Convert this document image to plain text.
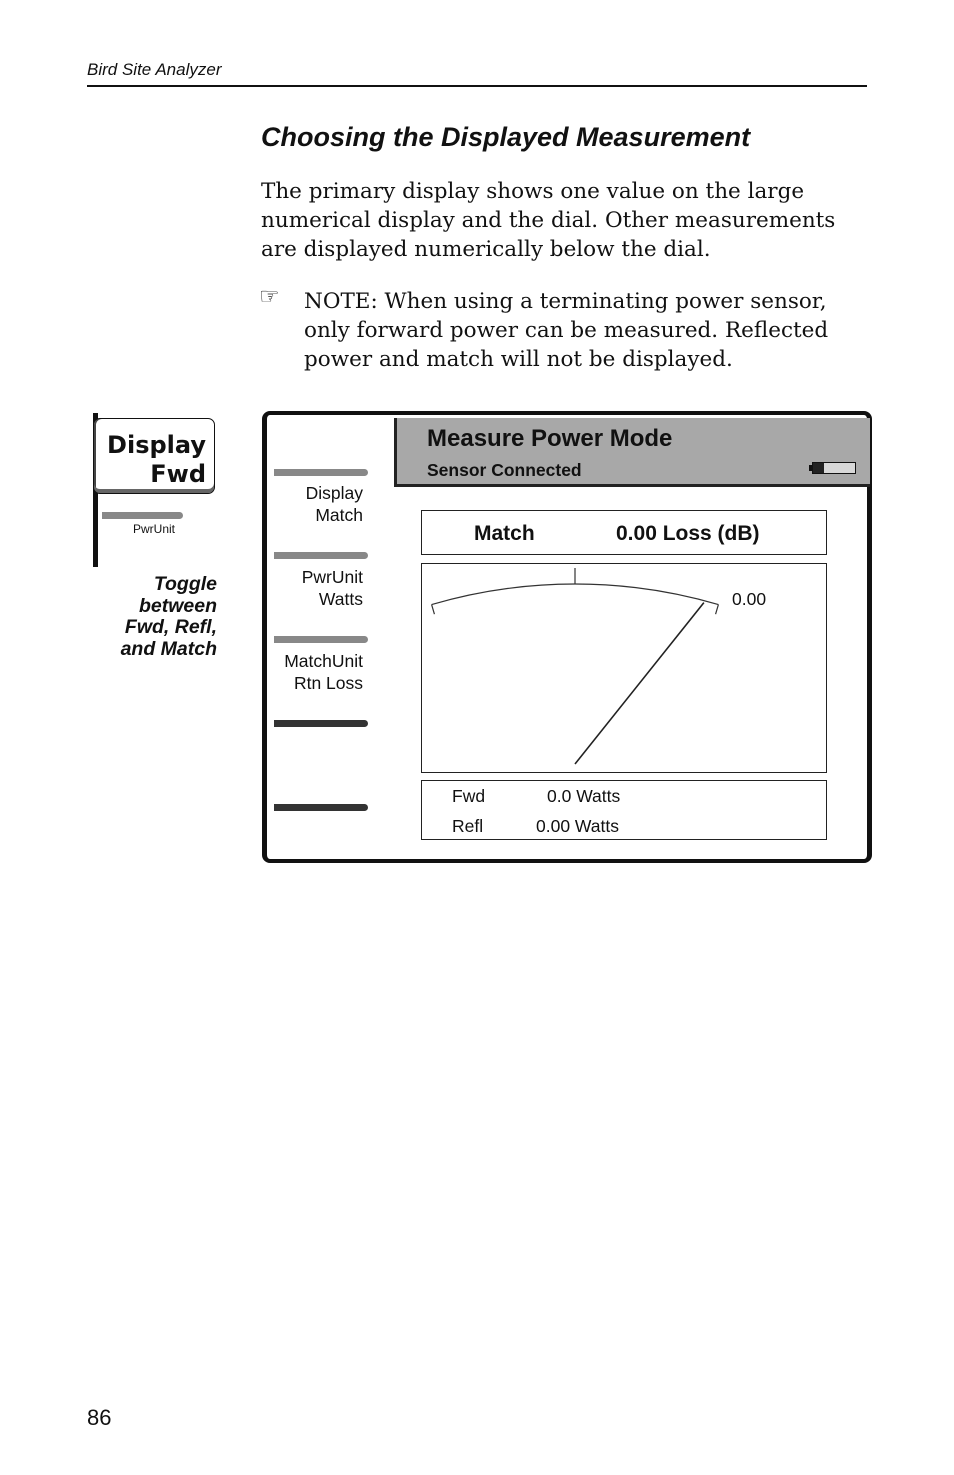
Bird Site Analyzer
Choosing the Displayed Measurement

The primary display shows one value on the large numerical display and the dial. Other measurements are displayed numerically below the dial.

☞ NOTE: When using a terminating power sensor, only forward power can be measured. Reflected power and match will not be displayed.

Display
Fwd
PwrUnit

Toggle between Fwd, Refl, and Match

Display
Match
PwrUnit
Watts
MatchUnit
Rtn Loss
Measure Power Mode
Sensor Connected
Match	0.00 Loss (dB)
0.00
Fwd	0.0 Watts
Refl	0.00 Watts
86
